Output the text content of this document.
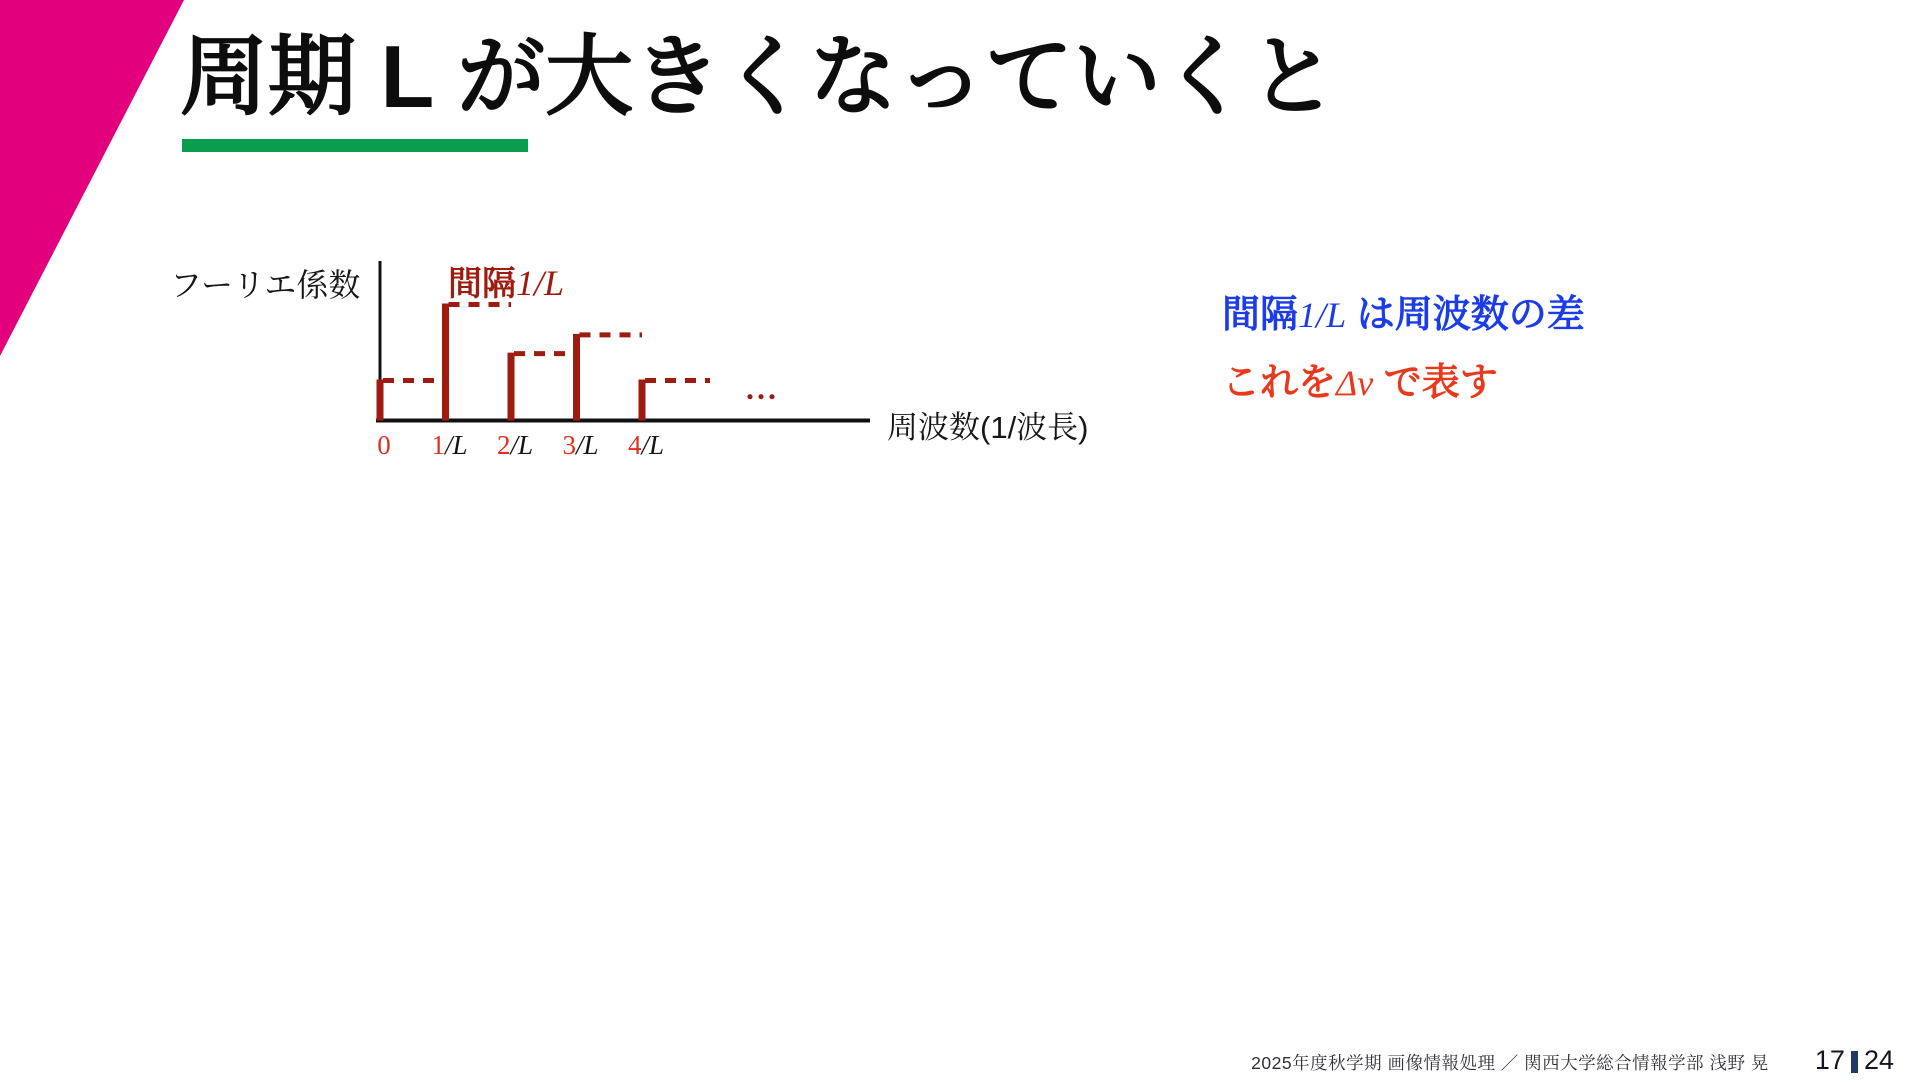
周期 L が大きくなっていくと
フーリエ係数	間隔1/L
周波数(1/波長)
...
0	1/L	2/L	3/L	4/L
間隔1/L は周波数の差
これをΔν で表す
2025年度秋学期 画像情報処理 ／ 関西大学総合情報学部 浅野 晃 17 24
